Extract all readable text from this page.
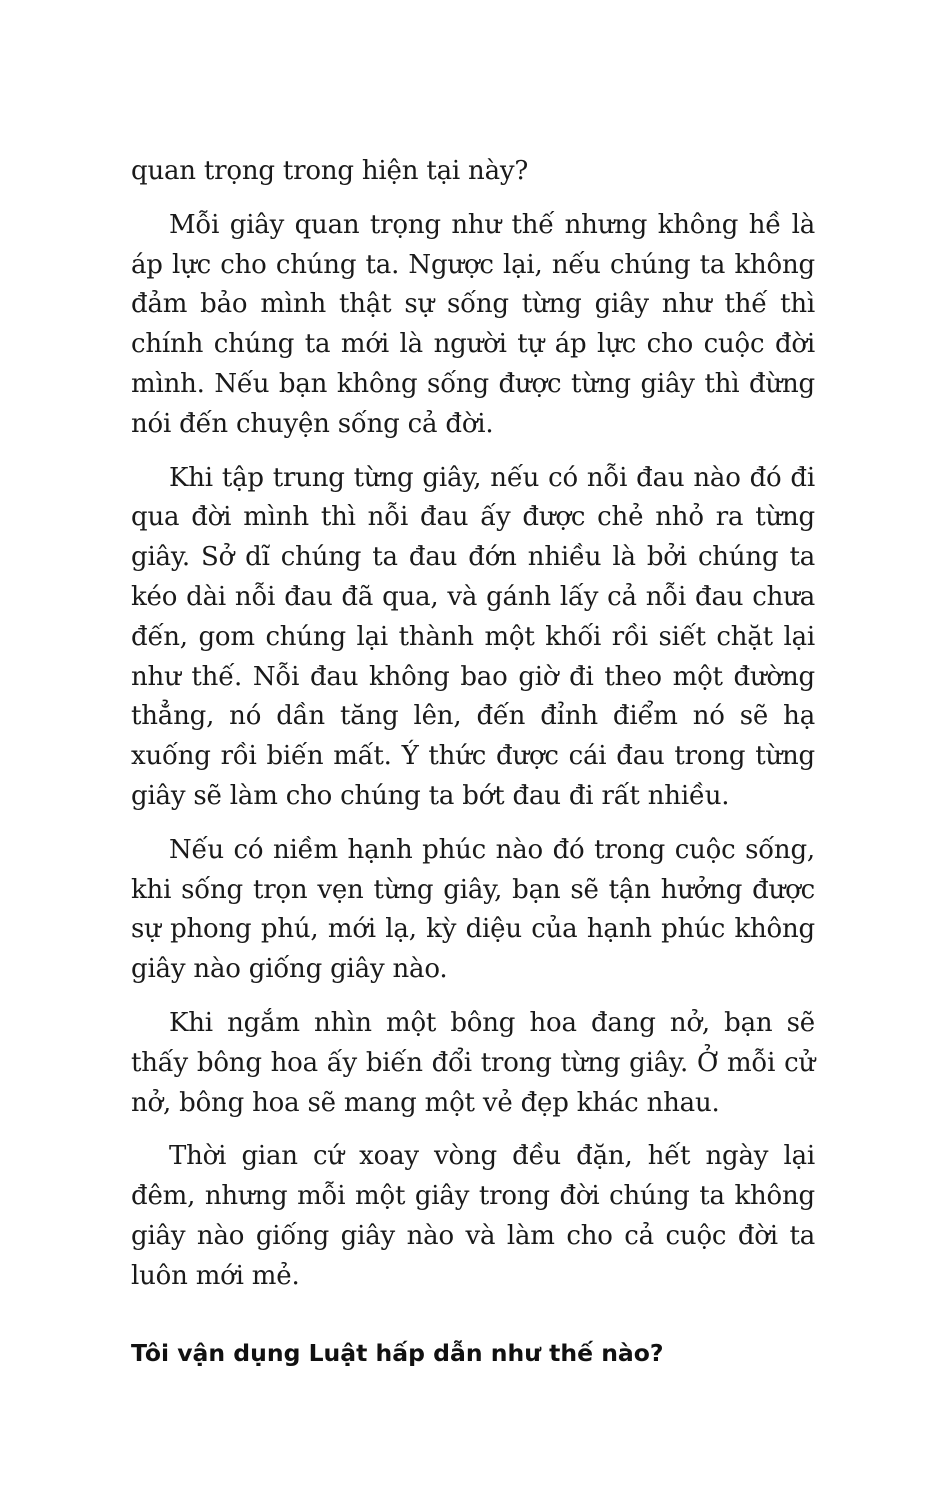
quan trọng trong hiện tại này?

Mỗi giây quan trọng như thế nhưng không hề là áp lực cho chúng ta. Ngược lại, nếu chúng ta không đảm bảo mình thật sự sống từng giây như thế thì chính chúng ta mới là người tự áp lực cho cuộc đời mình. Nếu bạn không sống được từng giây thì đừng nói đến chuyện sống cả đời.

Khi tập trung từng giây, nếu có nỗi đau nào đó đi qua đời mình thì nỗi đau ấy được chẻ nhỏ ra từng giây. Sở dĩ chúng ta đau đớn nhiều là bởi chúng ta kéo dài nỗi đau đã qua, và gánh lấy cả nỗi đau chưa đến, gom chúng lại thành một khối rồi siết chặt lại như thế. Nỗi đau không bao giờ đi theo một đường thẳng, nó dần tăng lên, đến đỉnh điểm nó sẽ hạ xuống rồi biến mất. Ý thức được cái đau trong từng giây sẽ làm cho chúng ta bớt đau đi rất nhiều.

Nếu có niềm hạnh phúc nào đó trong cuộc sống, khi sống trọn vẹn từng giây, bạn sẽ tận hưởng được sự phong phú, mới lạ, kỳ diệu của hạnh phúc không giây nào giống giây nào.

Khi ngắm nhìn một bông hoa đang nở, bạn sẽ thấy bông hoa ấy biến đổi trong từng giây. Ở mỗi cử nở, bông hoa sẽ mang một vẻ đẹp khác nhau.

Thời gian cứ xoay vòng đều đặn, hết ngày lại đêm, nhưng mỗi một giây trong đời chúng ta không giây nào giống giây nào và làm cho cả cuộc đời ta luôn mới mẻ.

Tôi vận dụng Luật hấp dẫn như thế nào?
